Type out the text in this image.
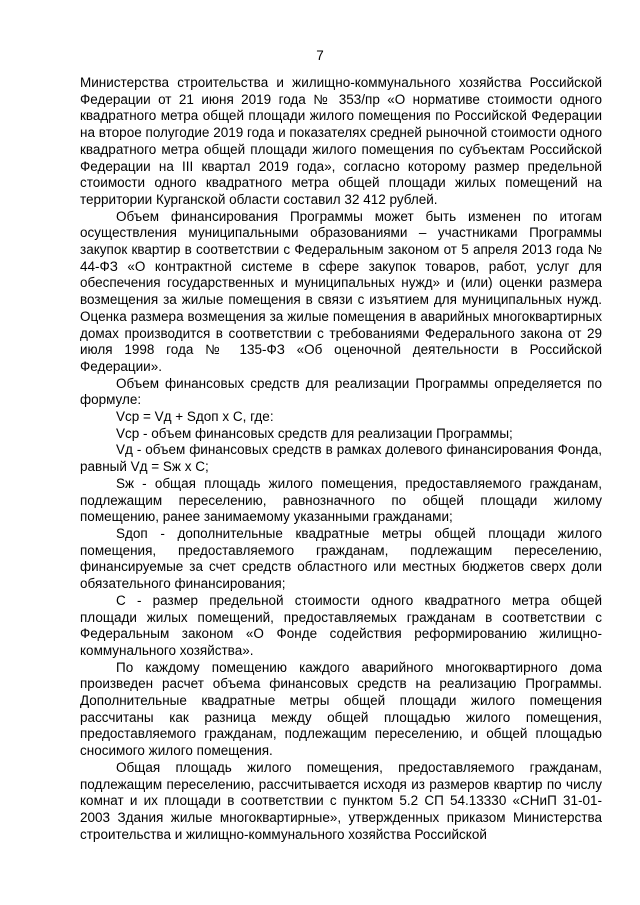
7

Министерства строительства и жилищно-коммунального хозяйства Российской Федерации от 21 июня 2019 года № 353/пр «О нормативе стоимости одного квадратного метра общей площади жилого помещения по Российской Федерации на второе полугодие 2019 года и показателях средней рыночной стоимости одного квадратного метра общей площади жилого помещения по субъектам Российской Федерации на III квартал 2019 года», согласно которому размер предельной стоимости одного квадратного метра общей площади жилых помещений на территории Курганской области составил 32 412 рублей.

Объем финансирования Программы может быть изменен по итогам осуществления муниципальными образованиями – участниками Программы закупок квартир в соответствии с Федеральным законом от 5 апреля 2013 года № 44-ФЗ «О контрактной системе в сфере закупок товаров, работ, услуг для обеспечения государственных и муниципальных нужд» и (или) оценки размера возмещения за жилые помещения в связи с изъятием для муниципальных нужд. Оценка размера возмещения за жилые помещения в аварийных многоквартирных домах производится в соответствии с требованиями Федерального закона от 29 июля 1998 года № 135-ФЗ «Об оценочной деятельности в Российской Федерации».

Объем финансовых средств для реализации Программы определяется по формуле:

Vср = Vд + Sдоп х С, где:

Vср - объем финансовых средств для реализации Программы;

Vд - объем финансовых средств в рамках долевого финансирования Фонда, равный Vд = Sж х С;

Sж - общая площадь жилого помещения, предоставляемого гражданам, подлежащим переселению, равнозначного по общей площади жилому помещению, ранее занимаемому указанными гражданами;

Sдоп - дополнительные квадратные метры общей площади жилого помещения, предоставляемого гражданам, подлежащим переселению, финансируемые за счет средств областного или местных бюджетов сверх доли обязательного финансирования;

С - размер предельной стоимости одного квадратного метра общей площади жилых помещений, предоставляемых гражданам в соответствии с Федеральным законом «О Фонде содействия реформированию жилищно-коммунального хозяйства».

По каждому помещению каждого аварийного многоквартирного дома произведен расчет объема финансовых средств на реализацию Программы. Дополнительные квадратные метры общей площади жилого помещения рассчитаны как разница между общей площадью жилого помещения, предоставляемого гражданам, подлежащим переселению, и общей площадью сносимого жилого помещения.

Общая площадь жилого помещения, предоставляемого гражданам, подлежащим переселению, рассчитывается исходя из размеров квартир по числу комнат и их площади в соответствии с пунктом 5.2 СП 54.13330 «СНиП 31-01-2003 Здания жилые многоквартирные», утвержденных приказом Министерства строительства и жилищно-коммунального хозяйства Российской
